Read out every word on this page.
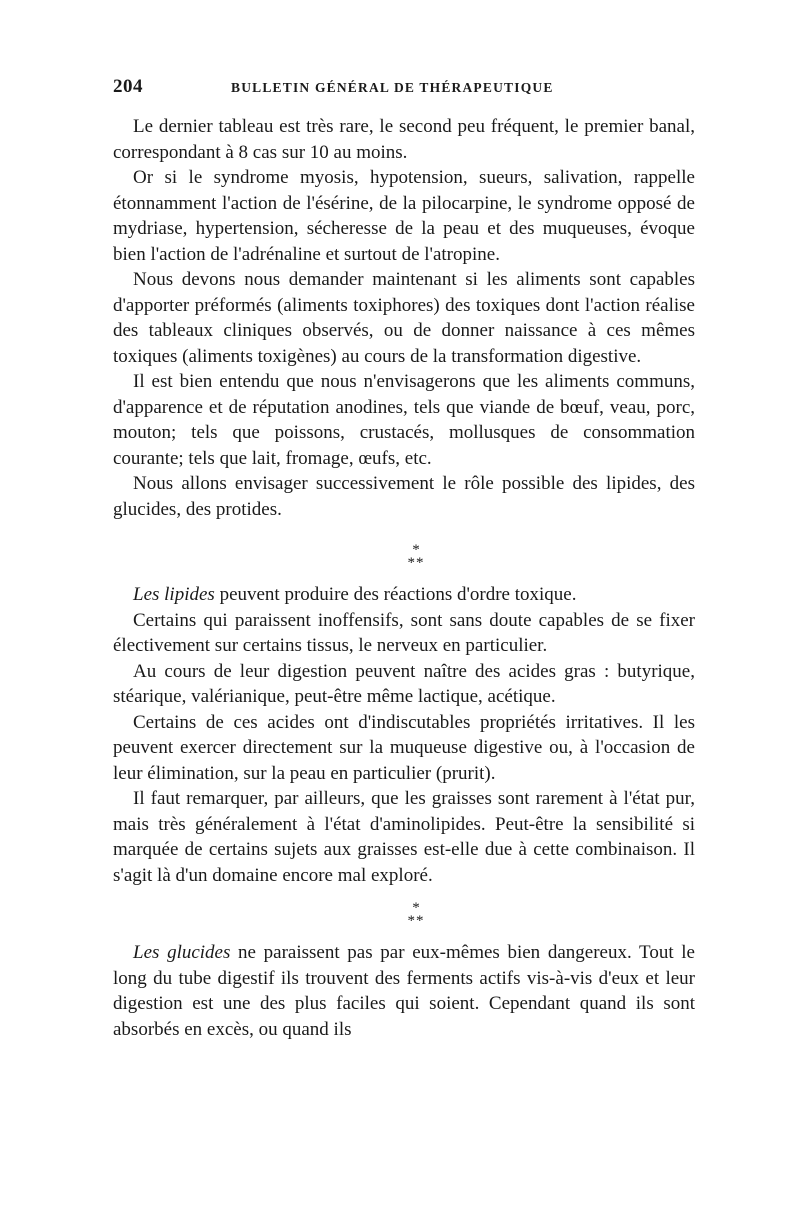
204	BULLETIN GÉNÉRAL DE THÉRAPEUTIQUE

Le dernier tableau est très rare, le second peu fréquent, le premier banal, correspondant à 8 cas sur 10 au moins.

Or si le syndrome myosis, hypotension, sueurs, salivation, rappelle étonnamment l'action de l'ésérine, de la pilocarpine, le syndrome opposé de mydriase, hypertension, sécheresse de la peau et des muqueuses, évoque bien l'action de l'adrénaline et surtout de l'atropine.

Nous devons nous demander maintenant si les aliments sont capables d'apporter préformés (aliments toxiphores) des toxiques dont l'action réalise des tableaux cliniques observés, ou de donner naissance à ces mêmes toxiques (aliments toxigènes) au cours de la transformation digestive.

Il est bien entendu que nous n'envisagerons que les aliments communs, d'apparence et de réputation anodines, tels que viande de bœuf, veau, porc, mouton; tels que poissons, crustacés, mollusques de consommation courante; tels que lait, fromage, œufs, etc.

Nous allons envisager successivement le rôle possible des lipides, des glucides, des protides.

*
**

Les lipides peuvent produire des réactions d'ordre toxique.

Certains qui paraissent inoffensifs, sont sans doute capables de se fixer électivement sur certains tissus, le nerveux en particulier.

Au cours de leur digestion peuvent naître des acides gras : butyrique, stéarique, valérianique, peut-être même lactique, acétique.

Certains de ces acides ont d'indiscutables propriétés irritatives. Il les peuvent exercer directement sur la muqueuse digestive ou, à l'occasion de leur élimination, sur la peau en particulier (prurit).

Il faut remarquer, par ailleurs, que les graisses sont rarement à l'état pur, mais très généralement à l'état d'aminolipides. Peut-être la sensibilité si marquée de certains sujets aux graisses est-elle due à cette combinaison. Il s'agit là d'un domaine encore mal exploré.

*
**

Les glucides ne paraissent pas par eux-mêmes bien dangereux. Tout le long du tube digestif ils trouvent des ferments actifs vis-à-vis d'eux et leur digestion est une des plus faciles qui soient. Cependant quand ils sont absorbés en excès, ou quand ils
